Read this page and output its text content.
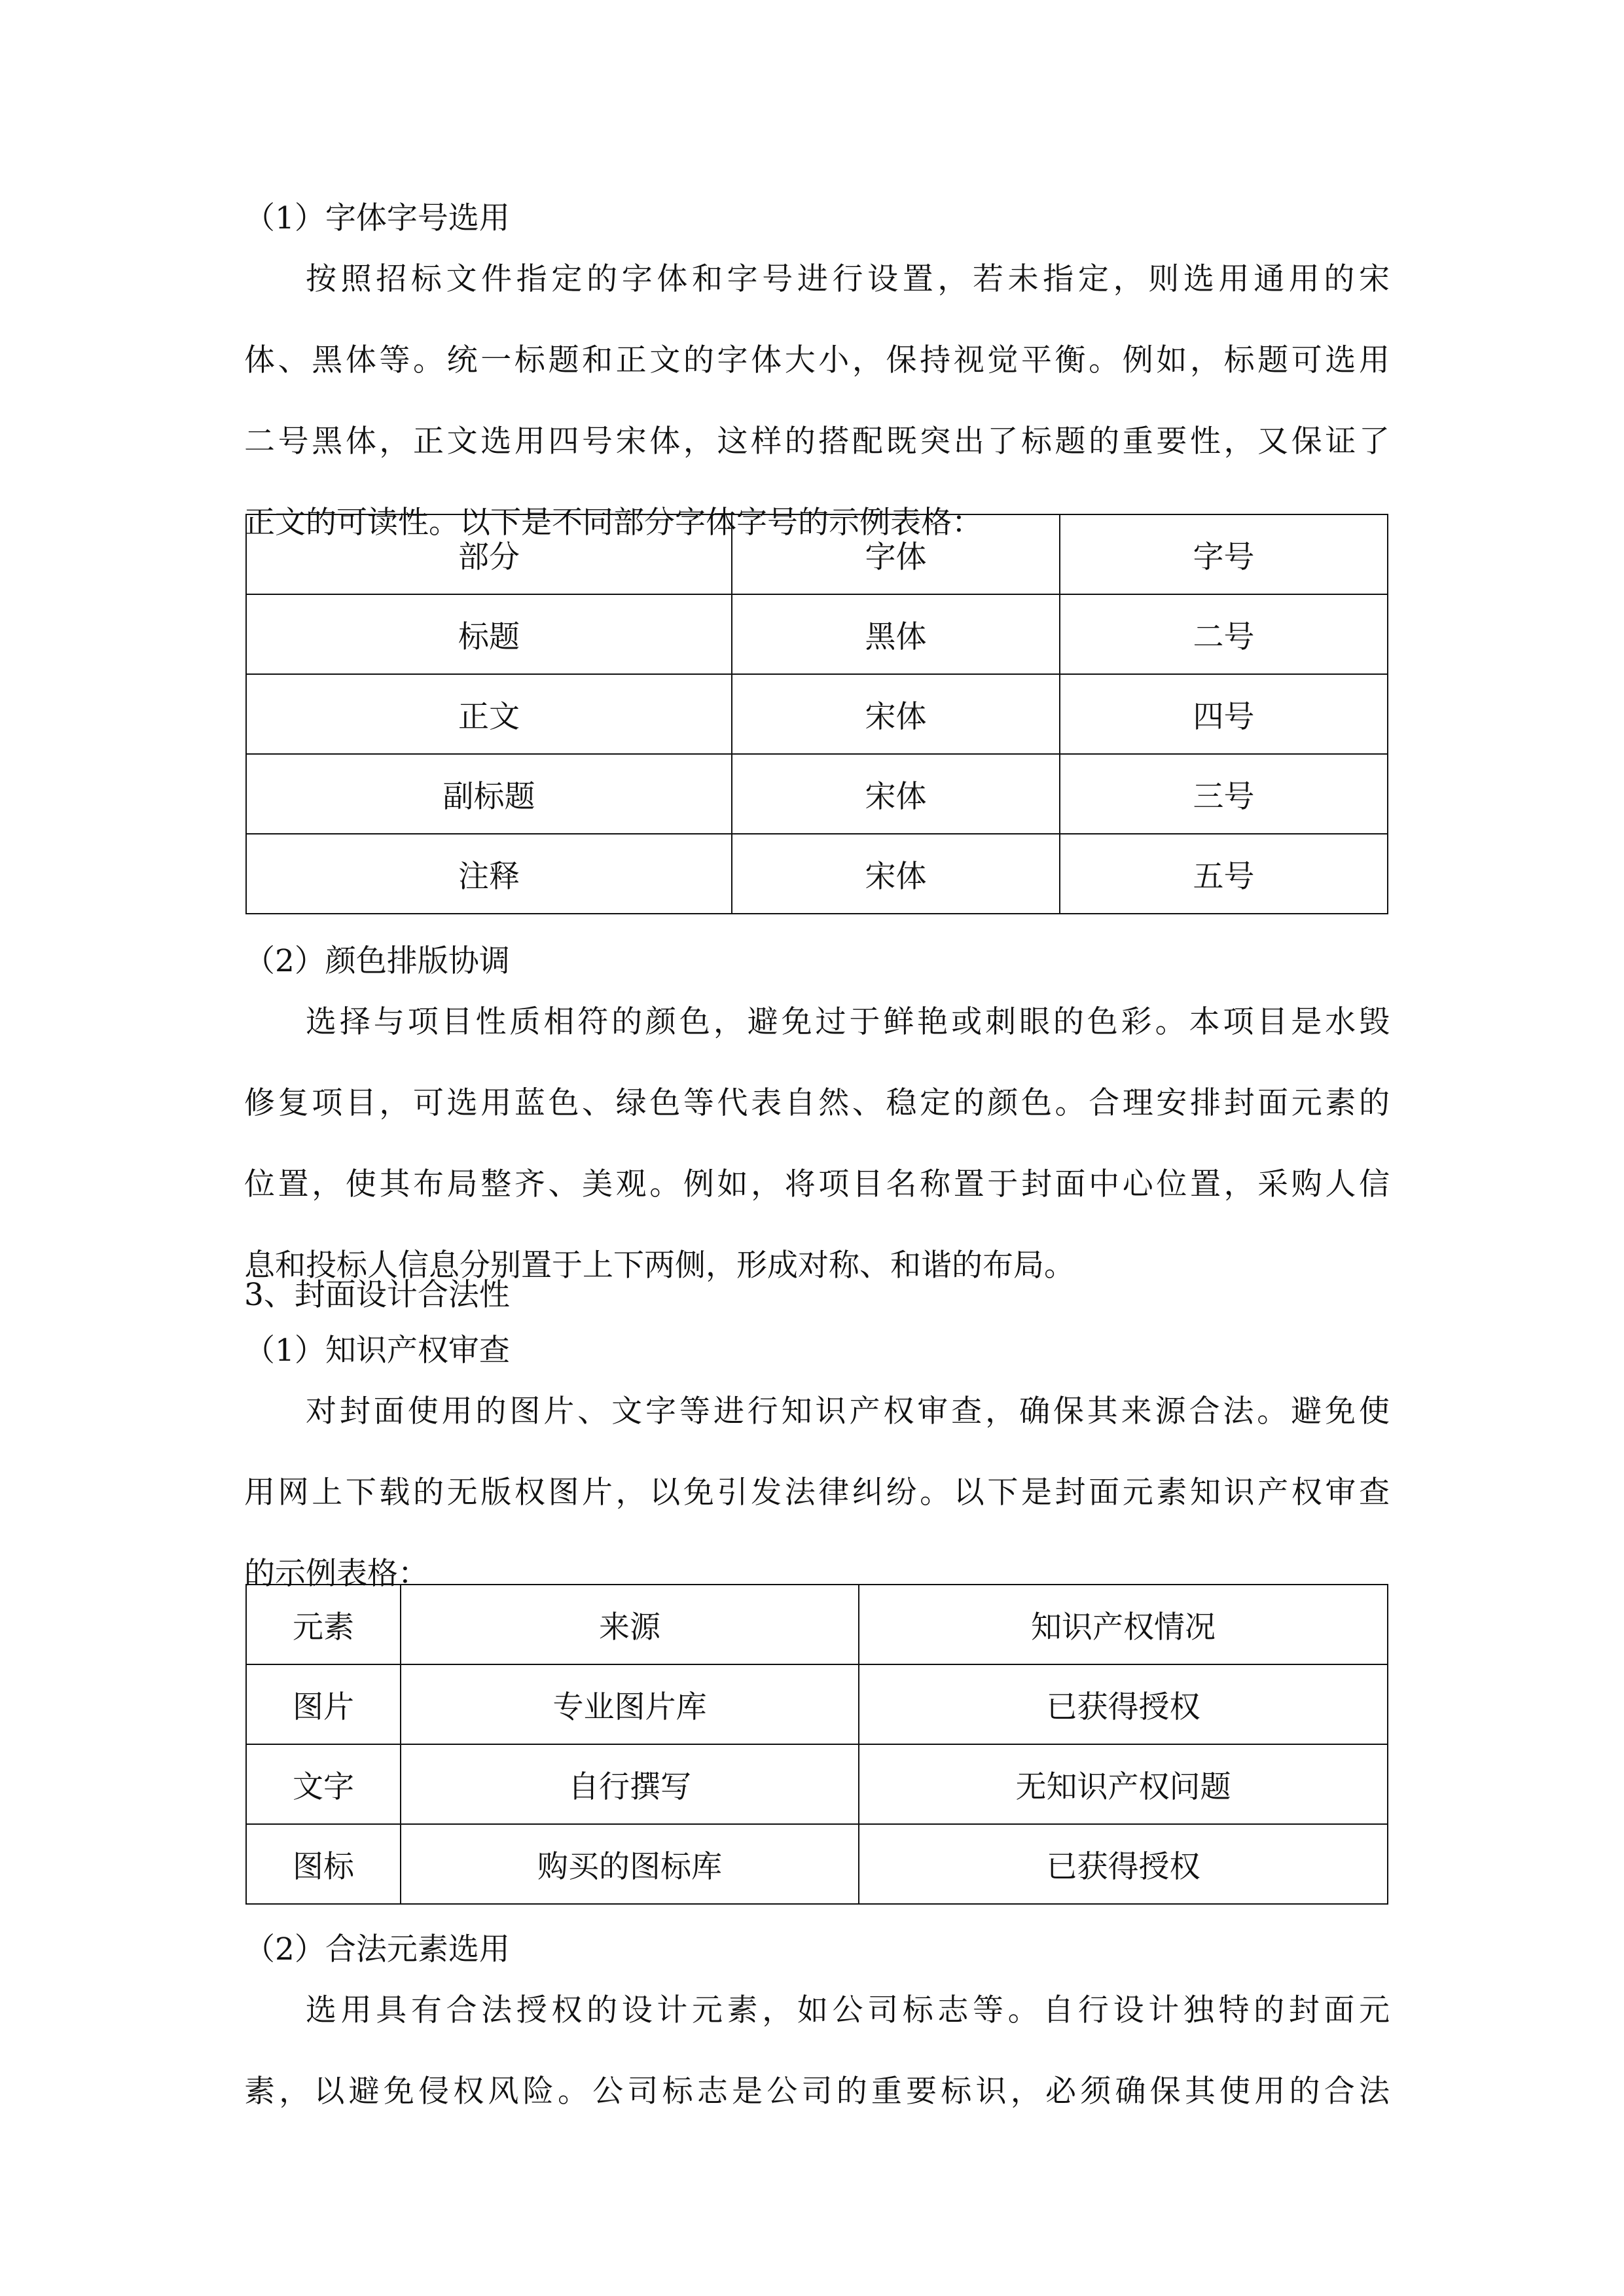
（1）字体字号选用
按照招标文件指定的字体和字号进行设置，若未指定，则选用通用的宋
体、黑体等。统一标题和正文的字体大小，保持视觉平衡。例如，标题可选用
二号黑体，正文选用四号宋体，这样的搭配既突出了标题的重要性，又保证了
正文的可读性。以下是不同部分字体字号的示例表格：
部分	字体	字号
标题	黑体	二号
正文	宋体	四号
副标题	宋体	三号
注释	宋体	五号
（2）颜色排版协调
选择与项目性质相符的颜色，避免过于鲜艳或刺眼的色彩。本项目是水毁
修复项目，可选用蓝色、绿色等代表自然、稳定的颜色。合理安排封面元素的
位置，使其布局整齐、美观。例如，将项目名称置于封面中心位置，采购人信
息和投标人信息分别置于上下两侧，形成对称、和谐的布局。
3、封面设计合法性
（1）知识产权审查
对封面使用的图片、文字等进行知识产权审查，确保其来源合法。避免使
用网上下载的无版权图片，以免引发法律纠纷。以下是封面元素知识产权审查
的示例表格：
元素	来源	知识产权情况
图片	专业图片库	已获得授权
文字	自行撰写	无知识产权问题
图标	购买的图标库	已获得授权
（2）合法元素选用
选用具有合法授权的设计元素，如公司标志等。自行设计独特的封面元
素，以避免侵权风险。公司标志是公司的重要标识，必须确保其使用的合法
